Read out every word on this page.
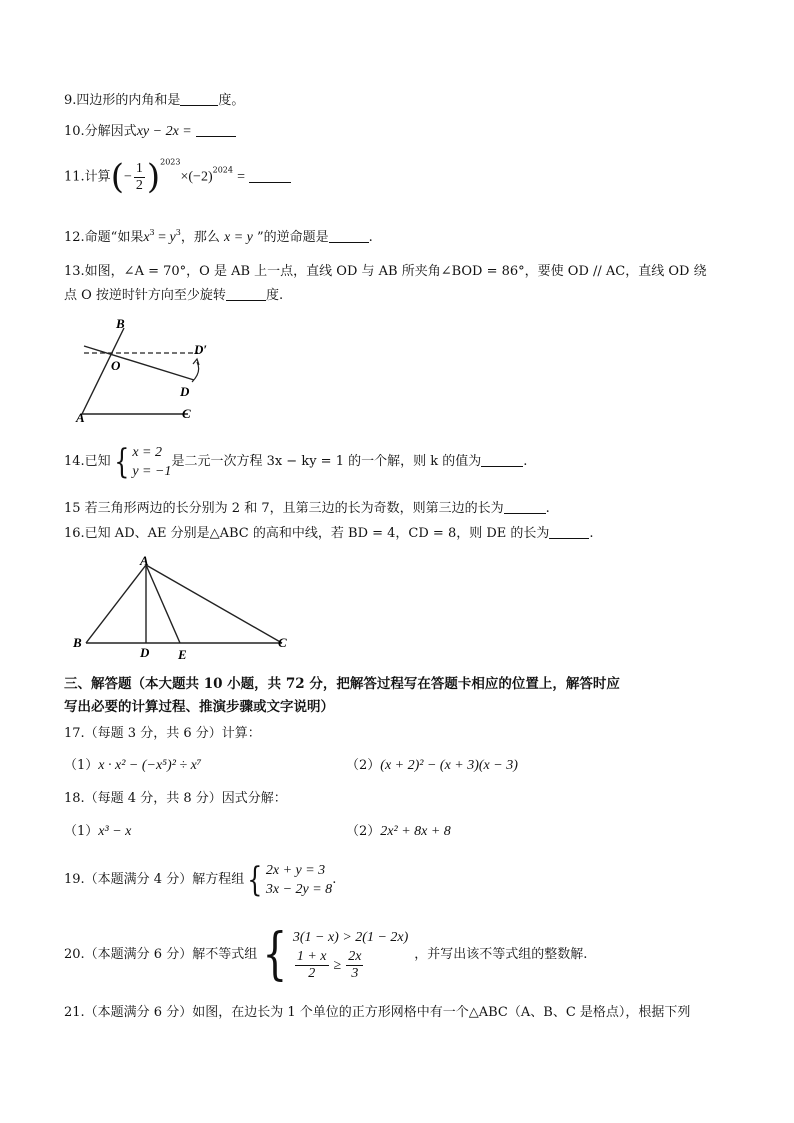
9.四边形的内角和是	度。
10.分解因式xy − 2x =
11.计算(− $\frac{1}{2} )^{2023}\times(-2)^{2024}$ =
12.命题“如果$x^3 = y^3$，那么 x = y ”的逆命题是	.
13.如图，∠A = 70°，O 是 AB 上一点，直线 OD 与 AB 所夹角∠BOD = 86°，要使 OD // AC，直线 OD 绕
点 O 按逆时针方向至少旋转	度.
B
O
D′
D
A	C
14.已知 { x = 2
y = −1
是二元一次方程 3x − ky = 1 的一个解，则 k 的值为	.
15 若三角形两边的长分别为 2 和 7，且第三边的长为奇数，则第三边的长为	.
16.已知 AD、AE 分别是△ABC 的高和中线，若 BD = 4，CD = 8，则 DE 的长为	.
A
B
D E
C
三、解答题（本大题共 10 小题，共 72 分，把解答过程写在答题卡相应的位置上，解答时应
写出必要的计算过程、推演步骤或文字说明）
17.（每题 3 分，共 6 分）计算：
（1）x · x² − (−x⁵)² ÷ x⁷	（2）(x + 2)² − (x + 3)(x − 3)
18.（每题 4 分，共 8 分）因式分解：
（1）x³ − x	（2）2x² + 8x + 8
19.（本题满分 4 分）解方程组 { 2x + y = 3
3x − 2y = 8
.
20.（本题满分 6 分）解不等式组 { 3(1 − x) > 2(1 − 2x)
$\frac{1 + x}{2} \ge \frac{2x}{3}$	，并写出该不等式组的整数解.
21.（本题满分 6 分）如图，在边长为 1 个单位的正方形网格中有一个△ABC（A、B、C 是格点），根据下列
